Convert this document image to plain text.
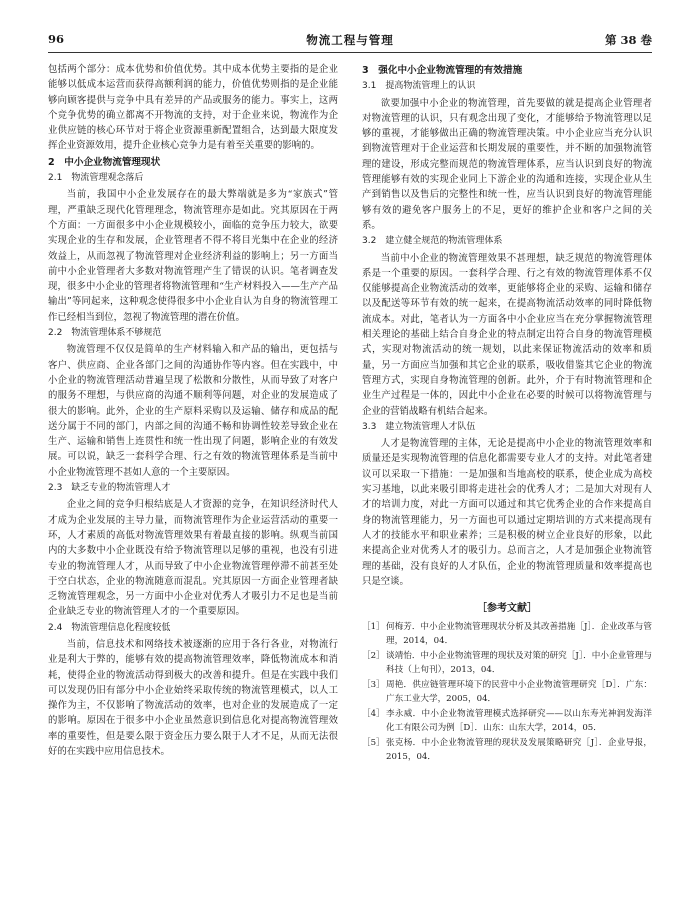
96	物流工程与管理	第 38 卷

包括两个部分：成本优势和价值优势。其中成本优势主要指的是企业能够以低成本运营而获得高额利润的能力，价值优势则指的是企业能够向顾客提供与竞争中具有差异的产品或服务的能力。事实上，这两个竞争优势的确立都离不开物流的支持，对于企业来说，物流作为企业供应链的核心环节对于将企业资源重新配置组合，达到最大限度发挥企业资源效用，提升企业核心竞争力是有着至关重要的影响的。

2　中小企业物流管理现状
2.1　物流管理观念落后

当前，我国中小企业发展存在的最大弊端就是多为“家族式”管理，严重缺乏现代化管理理念，物流管理亦是如此。究其原因在于两个方面：一方面很多中小企业规模较小，面临的竞争压力较大，欲要实现企业的生存和发展，企业管理者不得不将目光集中在企业的经济效益上，从而忽视了物流管理对企业经济利益的影响上；另一方面当前中小企业管理者大多数对物流管理产生了错误的认识。笔者调查发现，很多中小企业的管理者将物流管理和“生产材料投入——生产产品输出”等同起来，这种观念使得很多中小企业自认为自身的物流管理工作已经相当到位，忽视了物流管理的潜在价值。

2.2　物流管理体系不够规范

物流管理不仅仅是简单的生产材料输入和产品的输出，更包括与客户、供应商、企业各部门之间的沟通协作等内容。但在实践中，中小企业的物流管理活动普遍呈现了松散和分散性，从而导致了对客户的服务不理想，与供应商的沟通不顺利等问题，对企业的发展造成了很大的影响。此外，企业的生产原料采购以及运输、储存和成品的配送分属于不同的部门，内部之间的沟通不畅和协调性较差导致企业在生产、运输和销售上连贯性和统一性出现了问题，影响企业的有效发展。可以说，缺乏一套科学合理、行之有效的物流管理体系是当前中小企业物流管理不甚如人意的一个主要原因。

2.3　缺乏专业的物流管理人才

企业之间的竞争归根结底是人才资源的竞争，在知识经济时代人才成为企业发展的主导力量，而物流管理作为企业运营活动的重要一环，人才素质的高低对物流管理效果有着最直接的影响。纵观当前国内的大多数中小企业既没有给予物流管理以足够的重视，也没有引进专业的物流管理人才，从而导致了中小企业物流管理停滞不前甚至处于空白状态，企业的物流随意而混乱。究其原因一方面企业管理者缺乏物流管理观念，另一方面中小企业对优秀人才吸引力不足也是当前企业缺乏专业的物流管理人才的一个重要原因。

2.4　物流管理信息化程度较低

当前，信息技术和网络技术被逐渐的应用于各行各业，对物流行业是利大于弊的，能够有效的提高物流管理效率，降低物流成本和消耗，使得企业的物流活动得到极大的改善和提升。但是在实践中我们可以发现仍旧有部分中小企业始终采取传统的物流管理模式，以人工操作为主，不仅影响了物流活动的效率，也对企业的发展造成了一定的影响。原因在于很多中小企业虽然意识到信息化对提高物流管理效率的重要性，但是要么限于资金压力要么限于人才不足，从而无法很好的在实践中应用信息技术。

3　强化中小企业物流管理的有效措施
3.1　提高物流管理上的认识

欲要加强中小企业的物流管理，首先要做的就是提高企业管理者对物流管理的认识，只有观念出现了变化，才能够给予物流管理以足够的重视，才能够做出正确的物流管理决策。中小企业应当充分认识到物流管理对于企业运营和长期发展的重要性，并不断的加强物流管理的建设，形成完整而规范的物流管理体系，应当认识到良好的物流管理能够有效的实现企业同上下游企业的沟通和连接，实现企业从生产到销售以及售后的完整性和统一性，应当认识到良好的物流管理能够有效的避免客户服务上的不足，更好的维护企业和客户之间的关系。

3.2　建立健全规范的物流管理体系

当前中小企业的物流管理效果不甚理想，缺乏规范的物流管理体系是一个重要的原因。一套科学合理、行之有效的物流管理体系不仅仅能够提高企业物流活动的效率，更能够将企业的采购、运输和储存以及配送等环节有效的统一起来，在提高物流活动效率的同时降低物流成本。对此，笔者认为一方面各中小企业应当在充分掌握物流管理相关理论的基础上结合自身企业的特点制定出符合自身的物流管理模式，实现对物流活动的统一规划，以此来保证物流活动的效率和质量，另一方面应当加强和其它企业的联系，吸收借鉴其它企业的物流管理方式，实现自身物流管理的创新。此外，介于有时物流管理和企业生产过程是一体的，因此中小企业在必要的时候可以将物流管理与企业的营销战略有机结合起来。

3.3　建立物流管理人才队伍

人才是物流管理的主体，无论是提高中小企业的物流管理效率和质量还是实现物流管理的信息化都需要专业人才的支持。对此笔者建议可以采取一下措施：一是加强和当地高校的联系，使企业成为高校实习基地，以此来吸引即将走进社会的优秀人才；二是加大对现有人才的培训力度，对此一方面可以通过和其它优秀企业的合作来提高自身的物流管理能力，另一方面也可以通过定期培训的方式来提高现有人才的技能水平和职业素养；三是积极的树立企业良好的形象，以此来提高企业对优秀人才的吸引力。总而言之，人才是加强企业物流管理的基础，没有良好的人才队伍，企业的物流管理质量和效率提高也只是空谈。

［参考文献］
［1］ 何梅芳．中小企业物流管理现状分析及其改善措施［J］．企业改革与管理，2014，04．
［2］ 谈靖怡．中小企业物流管理的现状及对策的研究［J］．中小企业管理与科技（上旬刊），2013，04．
［3］ 周艳．供应链管理环境下的民营中小企业物流管理研究［D］．广东：广东工业大学，2005，04．
［4］ 李永威．中小企业物流管理模式选择研究——以山东寿光神润发海洋化工有限公司为例［D］．山东：山东大学，2014，05．
［5］ 张克杨．中小企业物流管理的现状及发展策略研究［J］．企业导报，2015，04．
